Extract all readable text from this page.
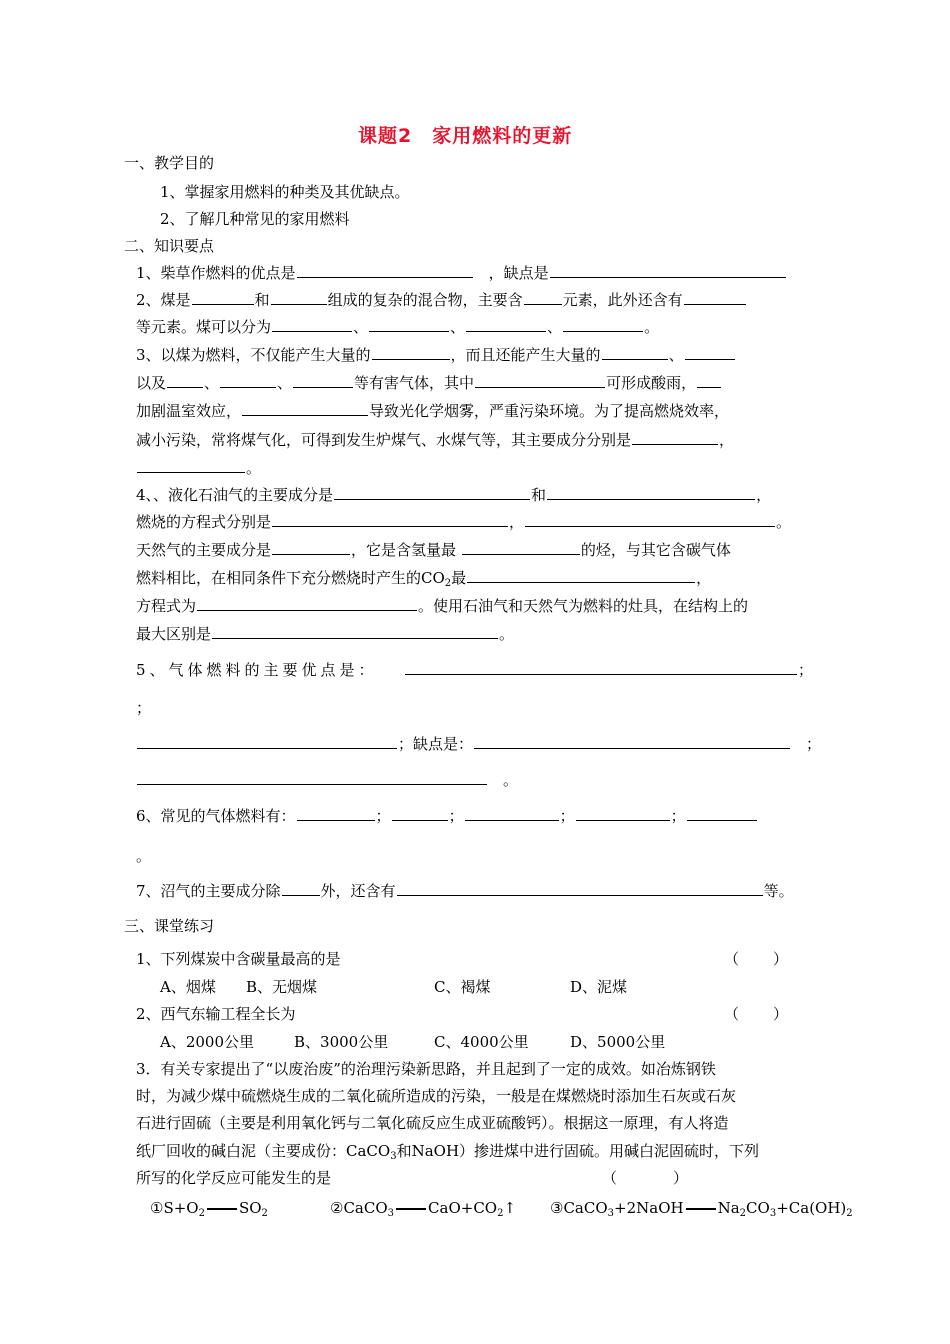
课题2　家用燃料的更新
一、教学目的
1、掌握家用燃料的种类及其优缺点。
2、了解几种常见的家用燃料
二、知识要点
1、柴草作燃料的优点是　	，缺点是
2、煤是	和	组成的复杂的混合物，主要含	元素，此外还含有
等元素。煤可以分为	、	、	、	。
3、以煤为燃料，不仅能产生大量的	，而且还能产生大量的	、
以及	、	、	等有害气体，其中	可形成酸雨，
加剧温室效应，	导致光化学烟雾，严重污染环境。为了提高燃烧效率，
减小污染，常将煤气化，可得到发生炉煤气、水煤气等，其主要成分分别是	，
。
4、、液化石油气的主要成分是	和	，
燃烧的方程式分别是	，	。
天然气的主要成分是	，它是含氢量最	的烃，与其它含碳气体
燃料相比，在相同条件下充分燃烧时产生的$CO_2$最	，
方程式为	。使用石油气和天然气为燃料的灶具，在结构上的
最大区别是	。
5、气体燃料的主要优点是：	；
；
；缺点是：　	；
　。
6、常见的气体燃料有：	；	；	；	；
。
7、沼气的主要成分除	外，还含有	等。
三、课堂练习
1、下列煤炭中含碳量最高的是	（ ）
A、烟煤 B、无烟煤	C、褐煤	D、泥煤
2、西气东输工程全长为	（ ）
A、2000公里	B、3000公里	C、4000公里	D、5000公里
3．有关专家提出了“以废治废”的治理污染新思路，并且起到了一定的成效。如冶炼钢铁
时，为减少煤中硫燃烧生成的二氧化硫所造成的污染，一般是在煤燃烧时添加生石灰或石灰
石进行固硫（主要是利用氧化钙与二氧化硫反应生成亚硫酸钙）。根据这一原理，有人将造
纸厂回收的碱白泥（主要成份：CaCO$_3$和NaOH）掺进煤中进行固硫。用碱白泥固硫时，下列
所写的化学反应可能发生的是	（	）
$①S+O_2$ $SO_2$	②CaCO$_3$ $CaO+CO_2↑$ ③CaCO$_3$+2NaOH $Na_2CO_3+Ca(OH)_2$
